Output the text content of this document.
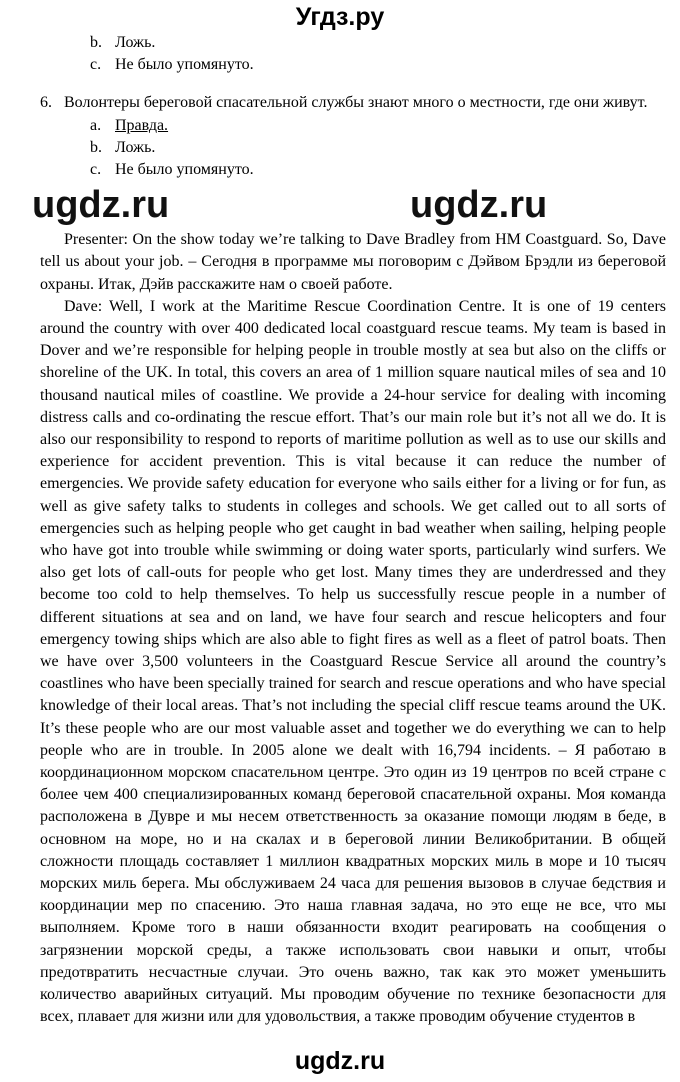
Угдз.ру
b. Ложь.
c. Не было упомянуто.
6. Волонтеры береговой спасательной службы знают много о местности, где они живут.
a. Правда.
b. Ложь.
c. Не было упомянуто.
ugdz.ru	ugdz.ru

Presenter: On the show today we’re talking to Dave Bradley from HM Coastguard. So, Dave tell us about your job. – Сегодня в программе мы поговорим с Дэйвом Брэдли из береговой охраны. Итак, Дэйв расскажите нам о своей работе.

Dave: Well, I work at the Maritime Rescue Coordination Centre. It is one of 19 centers around the country with over 400 dedicated local coastguard rescue teams. My team is based in Dover and we’re responsible for helping people in trouble mostly at sea but also on the cliffs or shoreline of the UK. In total, this covers an area of 1 million square nautical miles of sea and 10 thousand nautical miles of coastline. We provide a 24-hour service for dealing with incoming distress calls and co-ordinating the rescue effort. That’s our main role but it’s not all we do. It is also our responsibility to respond to reports of maritime pollution as well as to use our skills and experience for accident prevention. This is vital because it can reduce the number of emergencies. We provide safety education for everyone who sails either for a living or for fun, as well as give safety talks to students in colleges and schools. We get called out to all sorts of emergencies such as helping people who get caught in bad weather when sailing, helping people who have got into trouble while swimming or doing water sports, particularly wind surfers. We also get lots of call-outs for people who get lost. Many times they are underdressed and they become too cold to help themselves. To help us successfully rescue people in a number of different situations at sea and on land, we have four search and rescue helicopters and four emergency towing ships which are also able to fight fires as well as a fleet of patrol boats. Then we have over 3,500 volunteers in the Coastguard Rescue Service all around the country’s coastlines who have been specially trained for search and rescue operations and who have special knowledge of their local areas. That’s not including the special cliff rescue teams around the UK. It’s these people who are our most valuable asset and together we do everything we can to help people who are in trouble. In 2005 alone we dealt with 16,794 incidents. – Я работаю в координационном морском спасательном центре. Это один из 19 центров по всей стране с более чем 400 специализированных команд береговой спасательной охраны. Моя команда расположена в Дувре и мы несем ответственность за оказание помощи людям в беде, в основном на море, но и на скалах и в береговой линии Великобритании. В общей сложности площадь составляет 1 миллион квадратных морских миль в море и 10 тысяч морских миль берега. Мы обслуживаем 24 часа для решения вызовов в случае бедствия и координации мер по спасению. Это наша главная задача, но это еще не все, что мы выполняем. Кроме того в наши обязанности входит реагировать на сообщения о загрязнении морской среды, а также использовать свои навыки и опыт, чтобы предотвратить несчастные случаи. Это очень важно, так как это может уменьшить количество аварийных ситуаций. Мы проводим обучение по технике безопасности для всех, плавает для жизни или для удовольствия, а также проводим обучение студентов в

ugdz.ru
